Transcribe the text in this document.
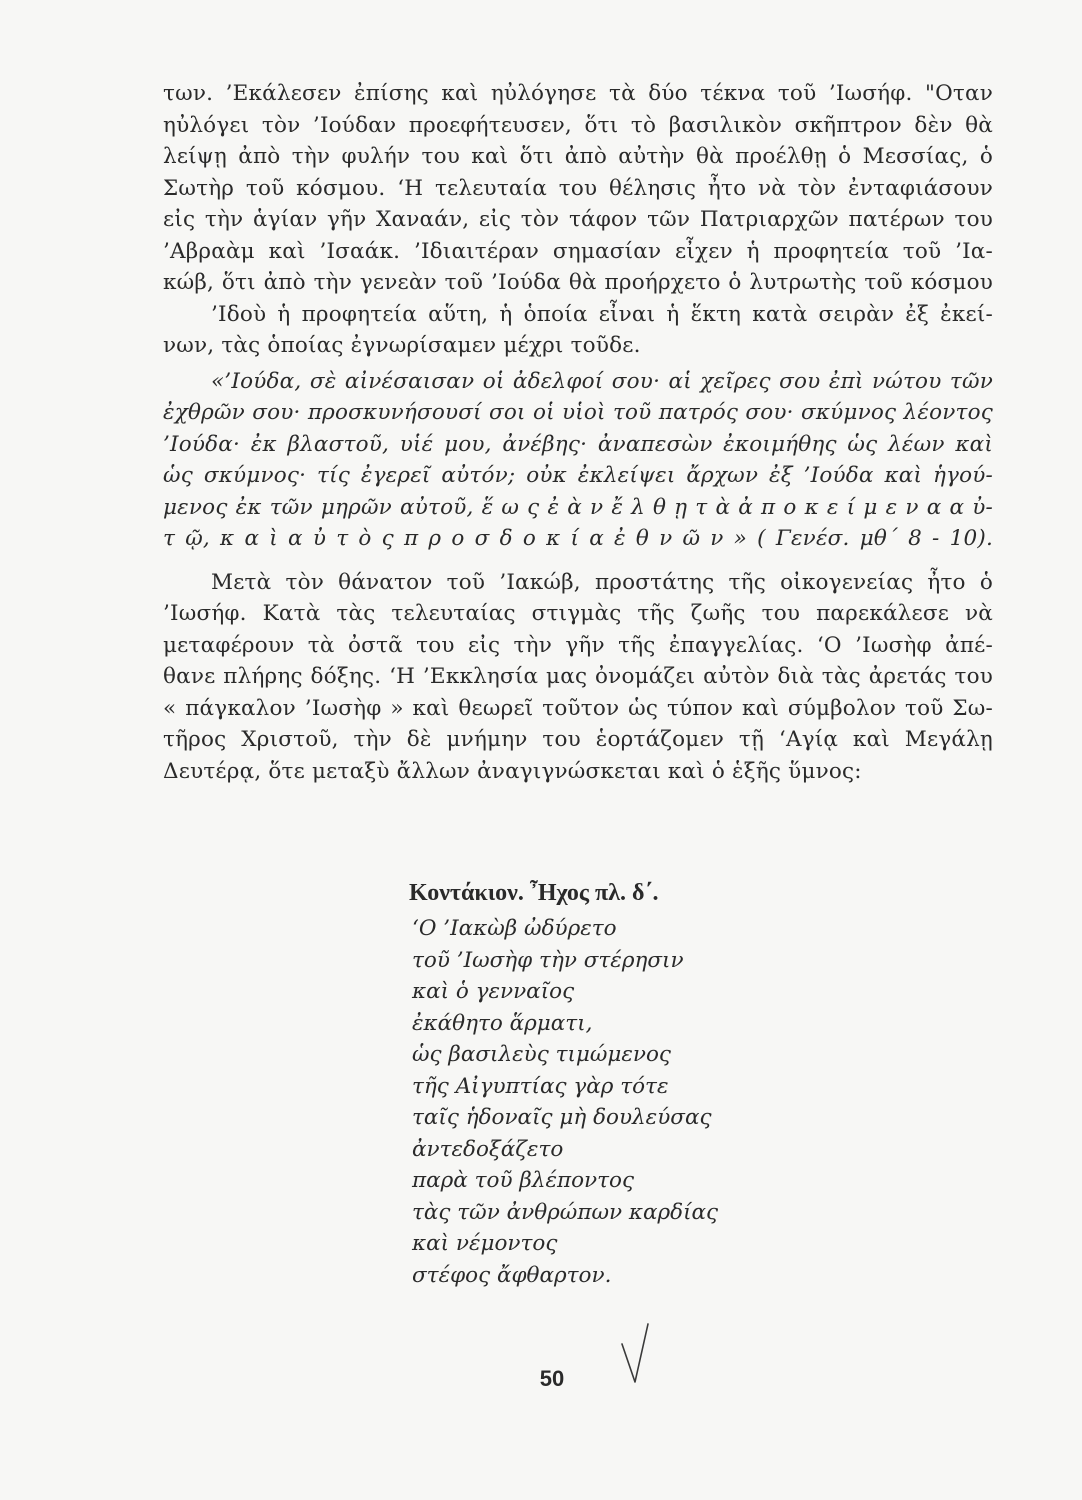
των. ’Εκάλεσεν ἐπίσης καὶ ηὐλόγησε τὰ δύο τέκνα τοῦ ’Ιωσήφ. "Οταν
ηὐλόγει τὸν ’Ιούδαν προεφήτευσεν, ὅτι τὸ βασιλικὸν σκῆπτρον δὲν θὰ
λείψῃ ἀπὸ τὴν φυλήν του καὶ ὅτι ἀπὸ αὐτὴν θὰ προέλθῃ ὁ Μεσσίας, ὁ
Σωτὴρ τοῦ κόσμου. ‘Η τελευταία του θέλησις ἦτο νὰ τὸν ἐνταφιάσουν
εἰς τὴν ἁγίαν γῆν Χαναάν, εἰς τὸν τάφον τῶν Πατριαρχῶν πατέρων του
’Αβραὰμ καὶ ’Ισαάκ. ’Ιδιαιτέραν σημασίαν εἶχεν ἡ προφητεία τοῦ ’Ια-
κώβ, ὅτι ἀπὸ τὴν γενεὰν τοῦ ’Ιούδα θὰ προήρχετο ὁ λυτρωτὴς τοῦ κόσμου
’Ιδοὺ ἡ προφητεία αὕτη, ἡ ὁποία εἶναι ἡ ἕκτη κατὰ σειρὰν ἐξ ἐκεί-
νων, τὰς ὁποίας ἐγνωρίσαμεν μέχρι τοῦδε.
«’Ιούδα, σὲ αἰνέσαισαν οἱ ἀδελφοί σου· αἱ χεῖρες σου ἐπὶ νώτου τῶν
ἐχθρῶν σου· προσκυνήσουσί σοι οἱ υἱοὶ τοῦ πατρός σου· σκύμνος λέοντος
’Ιούδα· ἐκ βλαστοῦ, υἱέ μου, ἀνέβης· ἀναπεσὼν ἐκοιμήθης ὡς λέων καὶ
ὡς σκύμνος· τίς ἐγερεῖ αὐτόν; οὐκ ἐκλείψει ἄρχων ἐξ ’Ιούδα καὶ ἡγού-
μενος ἐκ τῶν μηρῶν αὐτοῦ, ἕ ω ς ἐ ὰ ν ἔ λ θ ῃ τ ὰ ἀ π ο κ ε ί μ ε ν α α ὐ-
τ ῷ, κ α ὶ α ὐ τ ὸ ς π ρ ο σ δ ο κ ί α ἐ θ ν ῶ ν » ( Γενέσ. μθ΄ 8 - 10).
Μετὰ τὸν θάνατον τοῦ ’Ιακώβ, προστάτης τῆς οἰκογενείας ἦτο ὁ
’Ιωσήφ. Κατὰ τὰς τελευταίας στιγμὰς τῆς ζωῆς του παρεκάλεσε νὰ
μεταφέρουν τὰ ὀστᾶ του εἰς τὴν γῆν τῆς ἐπαγγελίας. ‘Ο ’Ιωσὴφ ἀπέ-
θανε πλήρης δόξης. ‘Η ’Εκκλησία μας ὀνομάζει αὐτὸν διὰ τὰς ἀρετάς του
« πάγκαλον ’Ιωσὴφ » καὶ θεωρεῖ τοῦτον ὡς τύπον καὶ σύμβολον τοῦ Σω-
τῆρος Χριστοῦ, τὴν δὲ μνήμην του ἑορτάζομεν τῇ ‘Αγίᾳ καὶ Μεγάλῃ
Δευτέρᾳ, ὅτε μεταξὺ ἄλλων ἀναγιγνώσκεται καὶ ὁ ἑξῆς ὕμνος:
Κοντάκιον. ῏Ηχος πλ. δ΄.
‘Ο ’Ιακὼβ ὠδύρετο
τοῦ ’Ιωσὴφ τὴν στέρησιν
καὶ ὁ γενναῖος
ἐκάθητο ἅρματι,
ὡς βασιλεὺς τιμώμενος
τῆς Αἰγυπτίας γὰρ τότε
ταῖς ἡδοναῖς μὴ δουλεύσας
ἀντεδοξάζετο
παρὰ τοῦ βλέποντος
τὰς τῶν ἀνθρώπων καρδίας
καὶ νέμοντος
στέφος ἄφθαρτον.
50
